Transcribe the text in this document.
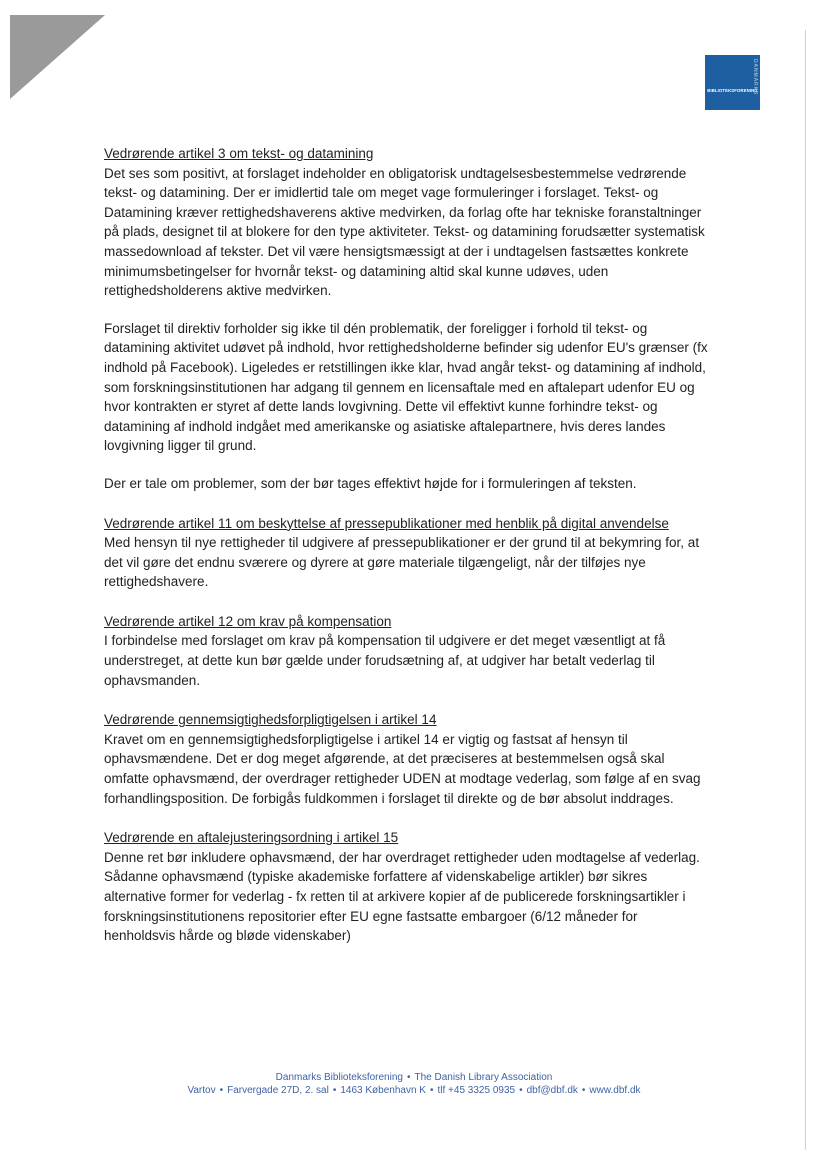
DANMARKS
BIBLIOTEKSFORENING
Vedrørende artikel 3 om tekst- og datamining

Det ses som positivt, at forslaget indeholder en obligatorisk undtagelsesbestemmelse vedrørende tekst- og datamining. Der er imidlertid tale om meget vage formuleringer i forslaget. Tekst- og Datamining kræver rettighedshaverens aktive medvirken, da forlag ofte har tekniske foranstaltninger på plads, designet til at blokere for den type aktiviteter. Tekst- og datamining forudsætter systematisk massedownload af tekster. Det vil være hensigtsmæssigt at der i undtagelsen fastsættes konkrete minimumsbetingelser for hvornår tekst- og datamining altid skal kunne udøves, uden rettighedsholderens aktive medvirken.

Forslaget til direktiv forholder sig ikke til dén problematik, der foreligger i forhold til tekst- og datamining aktivitet udøvet på indhold, hvor rettighedsholderne befinder sig udenfor EU's grænser (fx indhold på Facebook). Ligeledes er retstillingen ikke klar, hvad angår tekst- og datamining af indhold, som forskningsinstitutionen har adgang til gennem en licensaftale med en aftalepart udenfor EU og hvor kontrakten er styret af dette lands lovgivning. Dette vil effektivt kunne forhindre tekst- og datamining af indhold indgået med amerikanske og asiatiske aftalepartnere, hvis deres landes lovgivning ligger til grund.

Der er tale om problemer, som der bør tages effektivt højde for i formuleringen af teksten.

Vedrørende artikel 11 om beskyttelse af pressepublikationer med henblik på digital anvendelse

Med hensyn til nye rettigheder til udgivere af pressepublikationer er der grund til at bekymring for, at det vil gøre det endnu sværere og dyrere at gøre materiale tilgængeligt, når der tilføjes nye rettighedshavere.

Vedrørende artikel 12 om krav på kompensation

I forbindelse med forslaget om krav på kompensation til udgivere er det meget væsentligt at få understreget, at dette kun bør gælde under forudsætning af, at udgiver har betalt vederlag til ophavsmanden.

Vedrørende gennemsigtighedsforpligtigelsen i artikel 14

Kravet om en gennemsigtighedsforpligtigelse i artikel 14 er vigtig og fastsat af hensyn til ophavsmændene. Det er dog meget afgørende, at det præciseres at bestemmelsen også skal omfatte ophavsmænd, der overdrager rettigheder UDEN at modtage vederlag, som følge af en svag forhandlingsposition. De forbigås fuldkommen i forslaget til direkte og de bør absolut inddrages.

Vedrørende en aftalejusteringsordning i artikel 15

Denne ret bør inkludere ophavsmænd, der har overdraget rettigheder uden modtagelse af vederlag. Sådanne ophavsmænd (typiske akademiske forfattere af videnskabelige artikler) bør sikres alternative former for vederlag - fx retten til at arkivere kopier af de publicerede forskningsartikler i forskningsinstitutionens repositorier efter EU egne fastsatte embargoer (6/12 måneder for henholdsvis hårde og bløde videnskaber)

Danmarks Biblioteksforening • The Danish Library Association
Vartov • Farvergade 27D, 2. sal • 1463 København K • tlf +45 3325 0935 • dbf@dbf.dk • www.dbf.dk
